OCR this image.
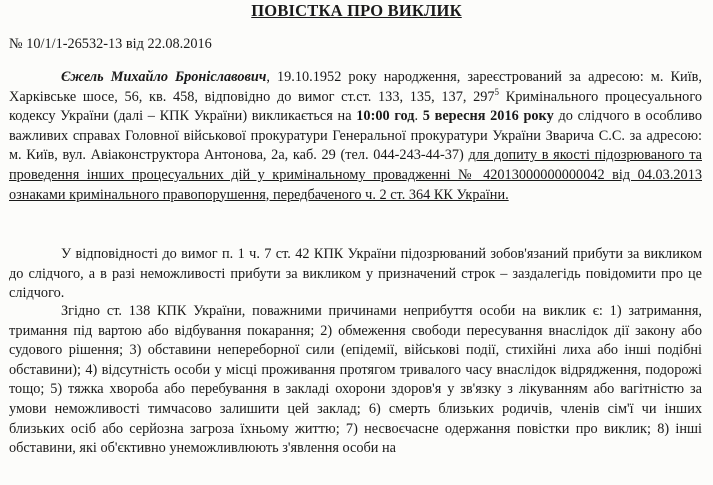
ПОВІСТКА ПРО ВИКЛИК
№ 10/1/1-26532-13 від 22.08.2016

Єжель Михайло Броніславович, 19.10.1952 року народження, зареєстрований за адресою: м. Київ, Харківське шосе, 56, кв. 458, відповідно до вимог ст.ст. 133, 135, 137, $297^5$ Кримінального процесуального кодексу України (далі – КПК України) викликається на 10:00 год. 5 вересня 2016 року до слідчого в особливо важливих справах Головної військової прокуратури Генеральної прокуратури України Зварича С.С. за адресою: м. Київ, вул. Авіаконструктора Антонова, 2а, каб. 29 (тел. 044-243-44-37) для допиту в якості підозрюваного та проведення інших процесуальних дій у кримінальному провадженні № 42013000000000042 від 04.03.2013 ознаками кримінального правопорушення, передбаченого ч. 2 ст. 364 КК України.

У відповідності до вимог п. 1 ч. 7 ст. 42 КПК України підозрюваний зобов'язаний прибути за викликом до слідчого, а в разі неможливості прибути за викликом у призначений строк – заздалегідь повідомити про це слідчого.

Згідно ст. 138 КПК України, поважними причинами неприбуття особи на виклик є: 1) затримання, тримання під вартою або відбування покарання; 2) обмеження свободи пересування внаслідок дії закону або судового рішення; 3) обставини непереборної сили (епідемії, військові події, стихійні лиха або інші подібні обставини); 4) відсутність особи у місці проживання протягом тривалого часу внаслідок відрядження, подорожі тощо; 5) тяжка хвороба або перебування в закладі охорони здоров'я у зв'язку з лікуванням або вагітністю за умови неможливості тимчасово залишити цей заклад; 6) смерть близьких родичів, членів сім'ї чи інших близьких осіб або серйозна загроза їхньому життю; 7) несвоєчасне одержання повістки про виклик; 8) інші обставини, які об'єктивно унеможливлюють з'явлення особи на
